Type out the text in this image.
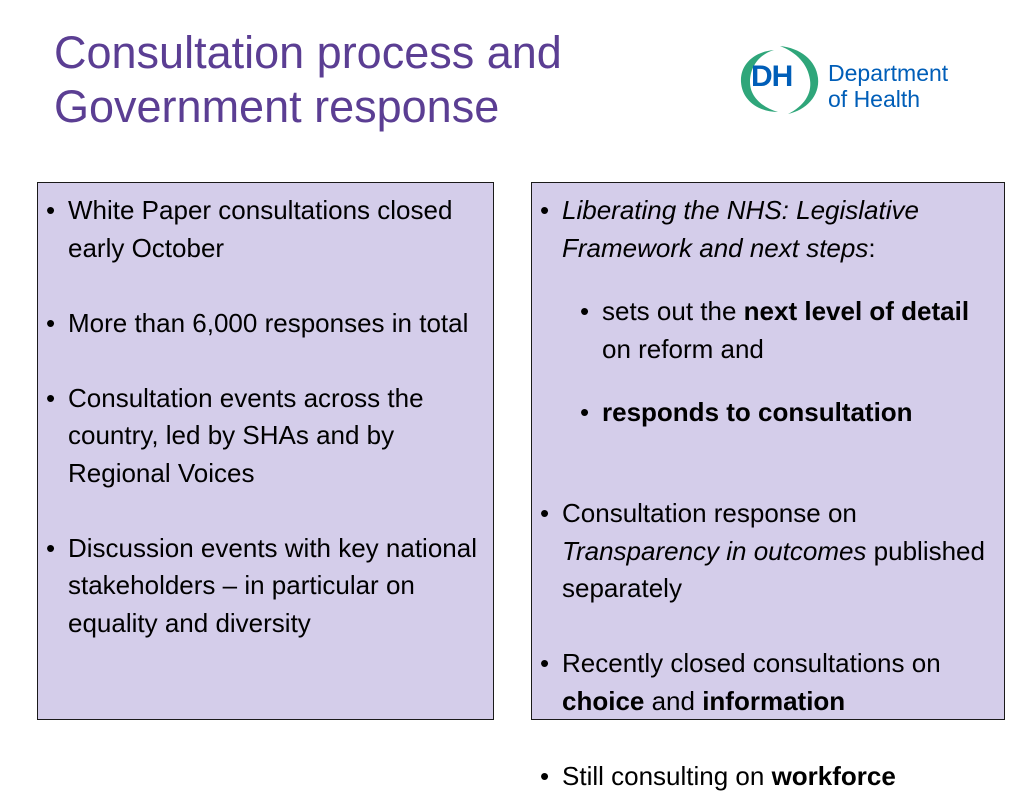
Consultation process and
Government response
DH Department
of Health

• White Paper consultations closed early October

• More than 6,000 responses in total

• Consultation events across the country, led by SHAs and by Regional Voices

• Discussion events with key national stakeholders – in particular on equality and diversity

• Liberating the NHS: Legislative Framework and next steps:

• sets out the next level of detail on reform and

• responds to consultation

• Consultation response on Transparency in outcomes published separately

• Recently closed consultations on choice and information

• Still consulting on workforce
